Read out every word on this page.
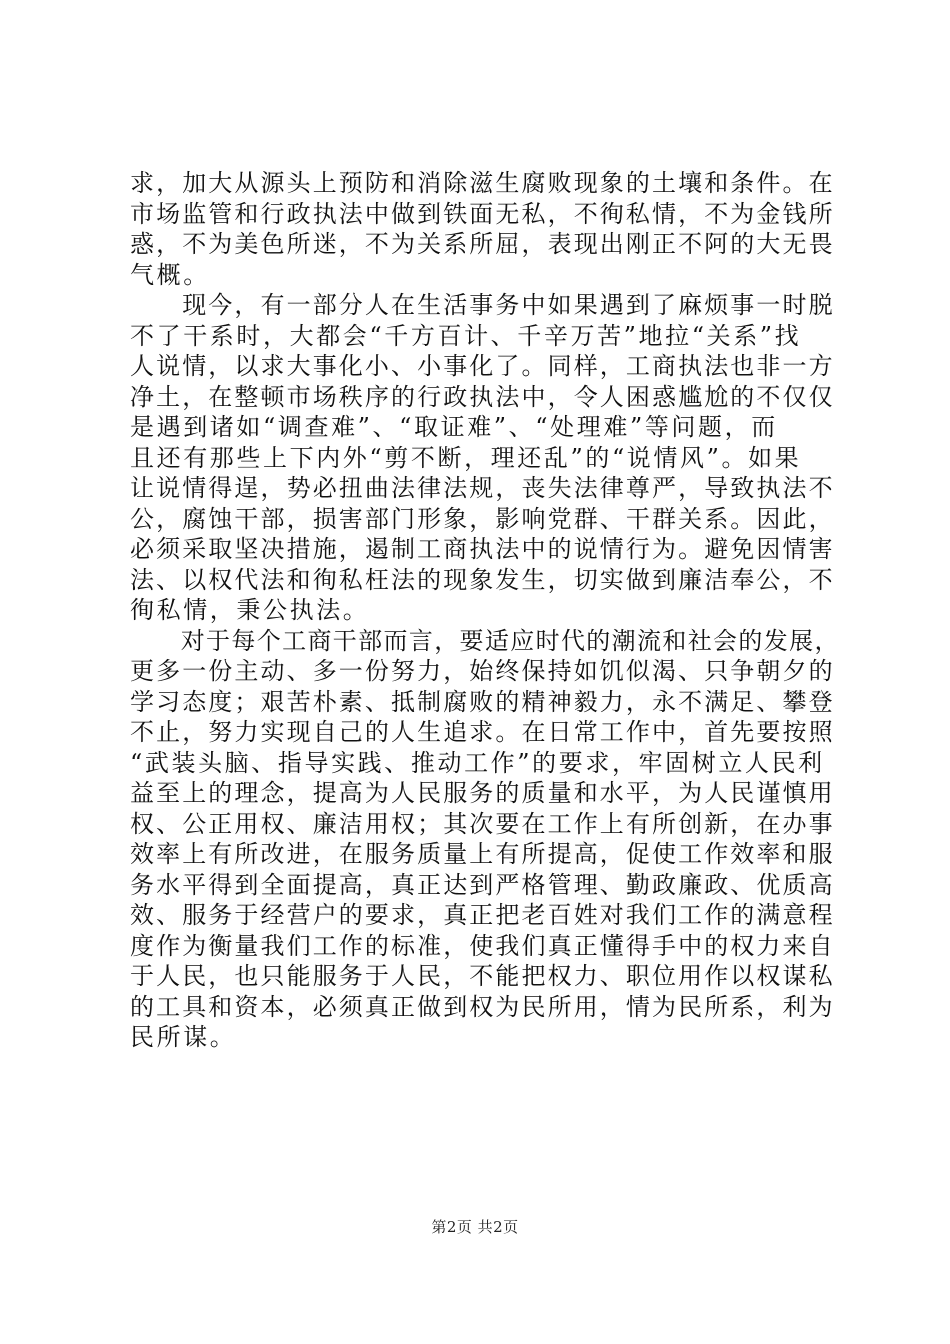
求，加大从源头上预防和消除滋生腐败现象的土壤和条件。在
市场监管和行政执法中做到铁面无私，不徇私情，不为金钱所
惑，不为美色所迷，不为关系所屈，表现出刚正不阿的大无畏
气概。
　　现今，有一部分人在生活事务中如果遇到了麻烦事一时脱
不了干系时，大都会“千方百计、千辛万苦”地拉“关系”找
人说情，以求大事化小、小事化了。同样，工商执法也非一方
净土，在整顿市场秩序的行政执法中，令人困惑尴尬的不仅仅
是遇到诸如“调查难”、“取证难”、“处理难”等问题，而
且还有那些上下内外“剪不断，理还乱”的“说情风”。如果
让说情得逞，势必扭曲法律法规，丧失法律尊严，导致执法不
公，腐蚀干部，损害部门形象，影响党群、干群关系。因此，
必须采取坚决措施，遏制工商执法中的说情行为。避免因情害
法、以权代法和徇私枉法的现象发生，切实做到廉洁奉公，不
徇私情，秉公执法。
　　对于每个工商干部而言，要适应时代的潮流和社会的发展，
更多一份主动、多一份努力，始终保持如饥似渴、只争朝夕的
学习态度；艰苦朴素、抵制腐败的精神毅力，永不满足、攀登
不止，努力实现自己的人生追求。在日常工作中，首先要按照
“武装头脑、指导实践、推动工作”的要求，牢固树立人民利
益至上的理念，提高为人民服务的质量和水平，为人民谨慎用
权、公正用权、廉洁用权；其次要在工作上有所创新，在办事
效率上有所改进，在服务质量上有所提高，促使工作效率和服
务水平得到全面提高，真正达到严格管理、勤政廉政、优质高
效、服务于经营户的要求，真正把老百姓对我们工作的满意程
度作为衡量我们工作的标准，使我们真正懂得手中的权力来自
于人民，也只能服务于人民，不能把权力、职位用作以权谋私
的工具和资本，必须真正做到权为民所用，情为民所系，利为
民所谋。
第2页 共2页
